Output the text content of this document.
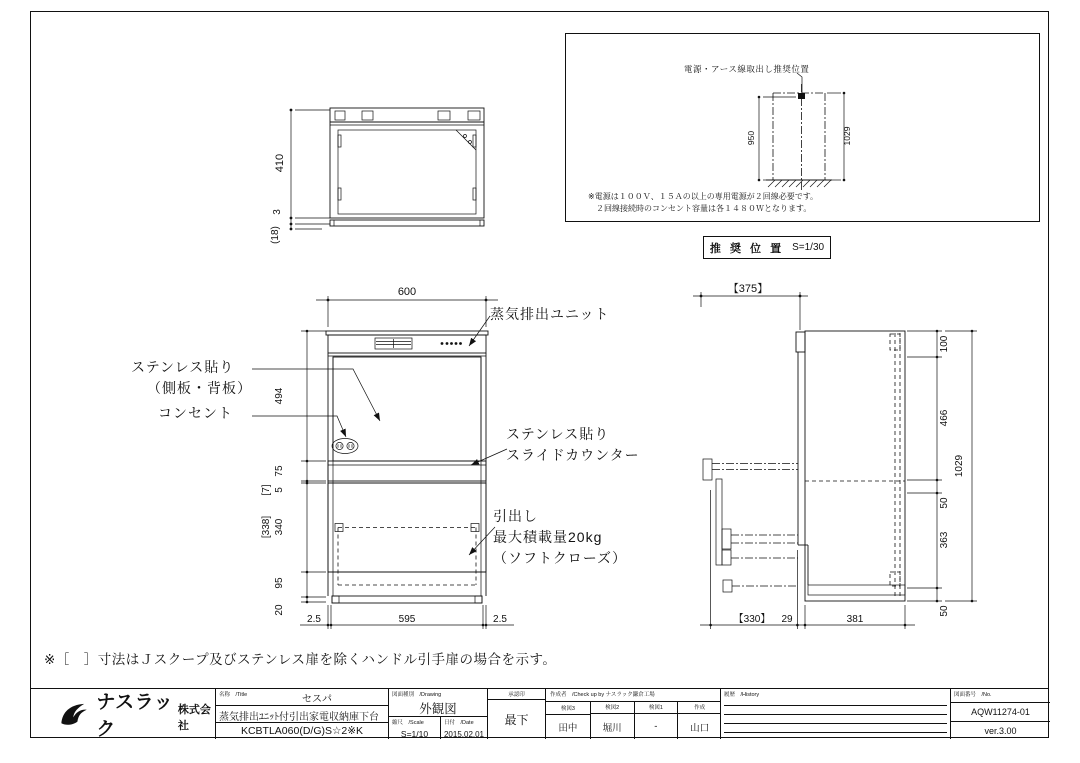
410
3
(18)
950	1029
電源・アース線取出し推奨位置
※電源は１００Ｖ、１５Ａの以上の専用電源が２回線必要です。
２回線接続時のコンセント容量は各１４８０Ｗとなります。
推 奨 位 置 S=1/30
600
494
75
5
[7]
340
[338]
95
20
2.5	595	2.5
蒸気排出ユニット
ステンレス貼り
（側板・背板）
コンセント
ステンレス貼り
スライドカウンター
引出し
最大積載量20kg
（ソフトクローズ）
【375】
100
466
50
363
50
1029
【330】 29	381
※［　］寸法はＪスクープ及びステンレス扉を除くハンドル引手扉の場合を示す。
ナスラック
株式会社
名称　/Title	セスパ
蒸気排出ﾕﾆｯﾄ付引出家電収納庫下台
KCBTLA060(D/G)S☆2※K
図面種別　/Drawing
外観図
縮尺　/Scale
S=1/10
日付　/Date
2015.02.01
承認印
最下
作成者　/Check up by ナスラック鎌倉工場
検図3	検図2	検図1	作成
田中	堀川	-	山口
履歴　/History	図面番号　/No.
AQW11274-01
ver.3.00
